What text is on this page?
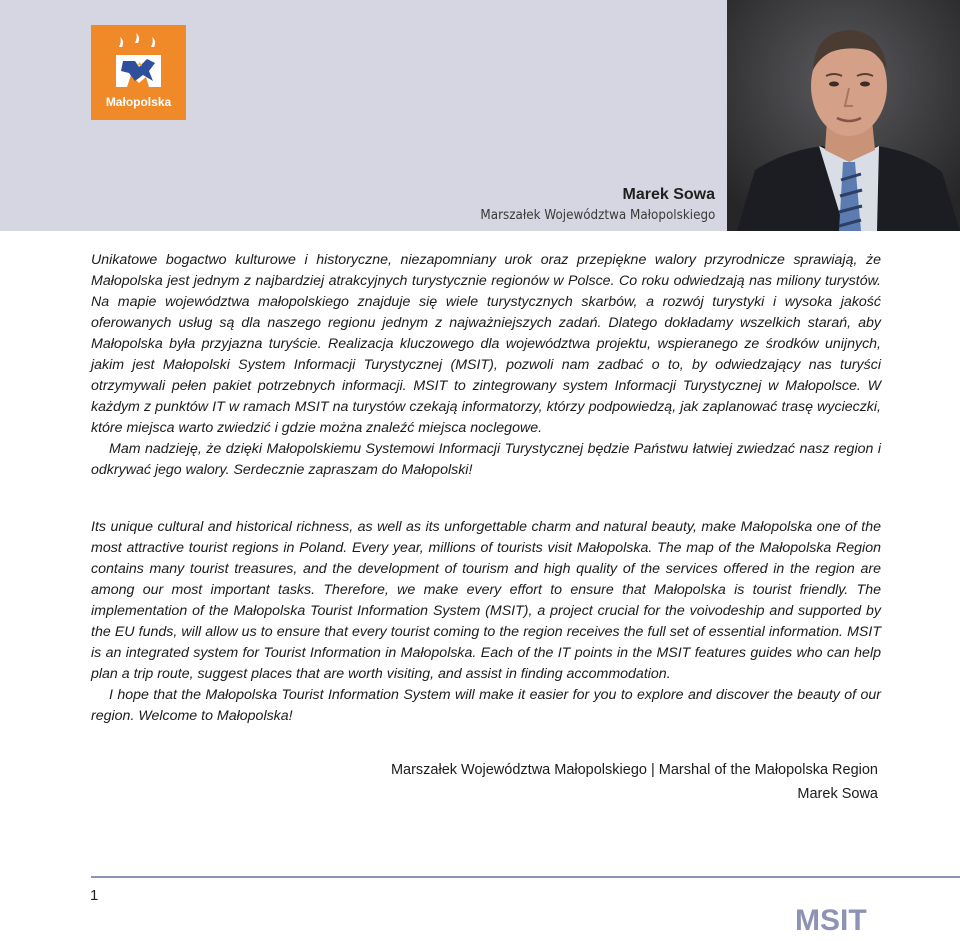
Małopolska
Marek Sowa
Marszałek Województwa Małopolskiego

Unikatowe bogactwo kulturowe i historyczne, niezapomniany urok oraz przepiękne walory przyrodnicze sprawiają, że Małopolska jest jednym z najbardziej atrakcyjnych turystycznie regionów w Polsce. Co roku odwiedzają nas miliony turystów. Na mapie województwa małopolskiego znajduje się wiele turystycznych skarbów, a rozwój turystyki i wysoka jakość oferowanych usług są dla naszego regionu jednym z najważniejszych zadań. Dlatego dokładamy wszelkich starań, aby Małopolska była przyjazna turyście. Realizacja kluczowego dla województwa projektu, wspieranego ze środków unijnych, jakim jest Małopolski System Informacji Turystycznej (MSIT), pozwoli nam zadbać o to, by odwiedzający nas turyści otrzymywali pełen pakiet potrzebnych informacji. MSIT to zintegrowany system Informacji Turystycznej w Małopolsce. W każdym z punktów IT w ramach MSIT na turystów czekają informatorzy, którzy podpowiedzą, jak zaplanować trasę wycieczki, które miejsca warto zwiedzić i gdzie można znaleźć miejsca noclegowe.

Mam nadzieję, że dzięki Małopolskiemu Systemowi Informacji Turystycznej będzie Państwu łatwiej zwiedzać nasz region i odkrywać jego walory. Serdecznie zapraszam do Małopolski!

Its unique cultural and historical richness, as well as its unforgettable charm and natural beauty, make Małopolska one of the most attractive tourist regions in Poland. Every year, millions of tourists visit Małopolska. The map of the Małopolska Region contains many tourist treasures, and the development of tourism and high quality of the services offered in the region are among our most important tasks. Therefore, we make every effort to ensure that Małopolska is tourist friendly. The implementation of the Małopolska Tourist Information System (MSIT), a project crucial for the voivodeship and supported by the EU funds, will allow us to ensure that every tourist coming to the region receives the full set of essential information. MSIT is an integrated system for Tourist Information in Małopolska. Each of the IT points in the MSIT features guides who can help plan a trip route, suggest places that are worth visiting, and assist in finding accommodation.

I hope that the Małopolska Tourist Information System will make it easier for you to explore and discover the beauty of our region. Welcome to Małopolska!

Marszałek Województwa Małopolskiego | Marshal of the Małopolska Region
Marek Sowa
1
MSIT
